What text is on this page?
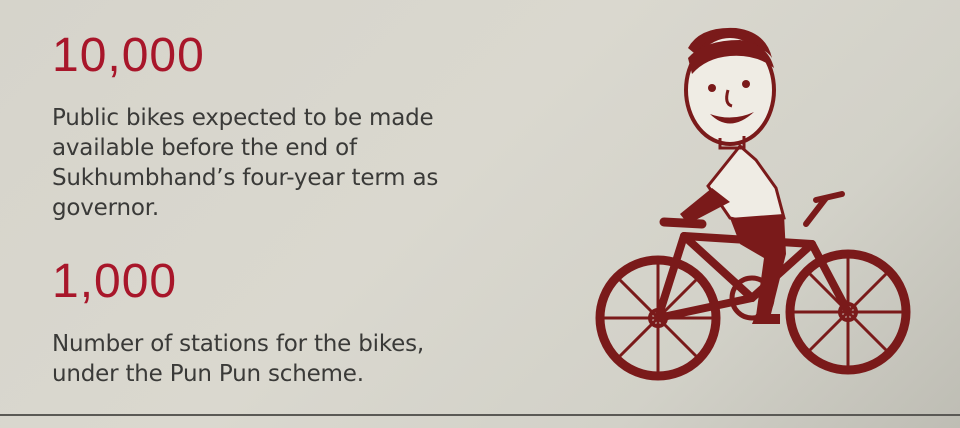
10,000
Public bikes expected to be made available before the end of Sukhumbhand’s four-year term as governor.
1,000
Number of stations for the bikes, under the Pun Pun scheme.
